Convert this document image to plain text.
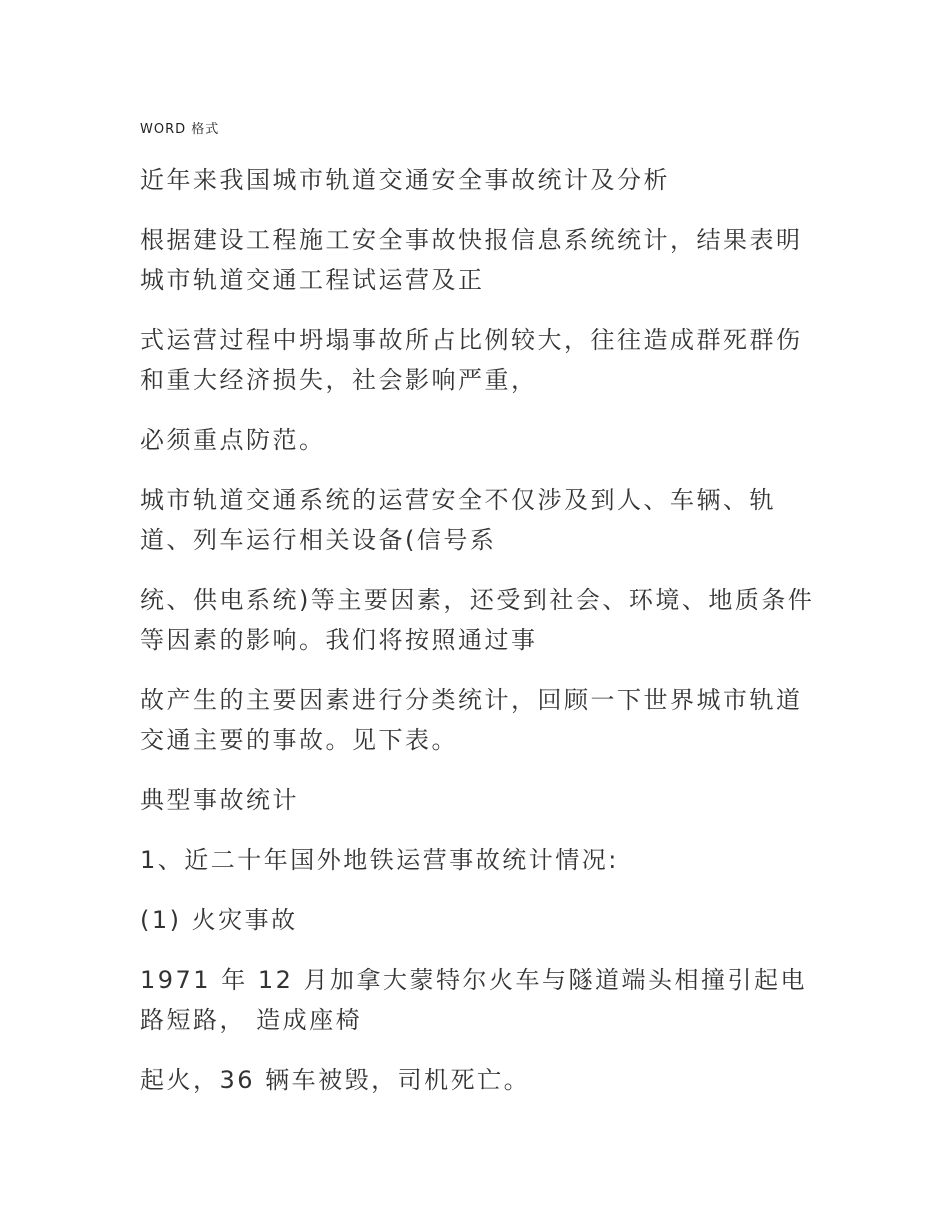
WORD 格式

近年来我国城市轨道交通安全事故统计及分析

根据建设工程施工安全事故快报信息系统统计，结果表明城市轨道交通工程试运营及正

式运营过程中坍塌事故所占比例较大，往往造成群死群伤和重大经济损失，社会影响严重，

必须重点防范。

城市轨道交通系统的运营安全不仅涉及到人、车辆、轨道、列车运行相关设备(信号系

统、供电系统)等主要因素，还受到社会、环境、地质条件等因素的影响。我们将按照通过事

故产生的主要因素进行分类统计，回顾一下世界城市轨道交通主要的事故。见下表。

典型事故统计

1、近二十年国外地铁运营事故统计情况:

(1) 火灾事故

1971 年 12 月加拿大蒙特尔火车与隧道端头相撞引起电路短路， 造成座椅

起火，36 辆车被毁，司机死亡。
